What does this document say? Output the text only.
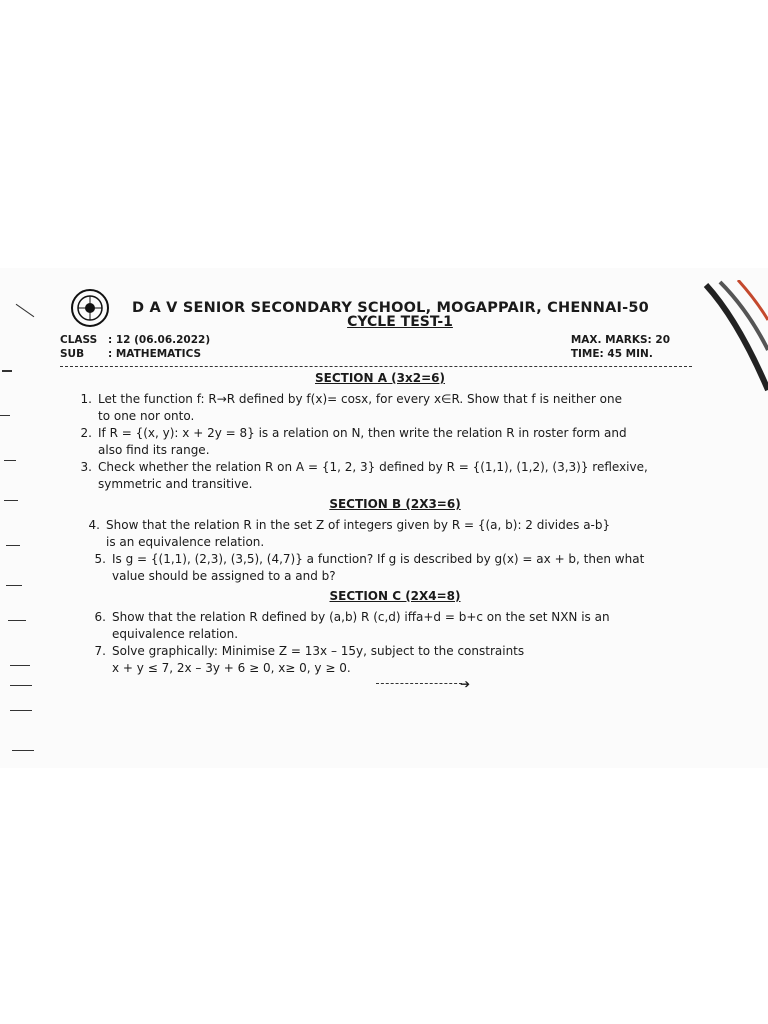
D A V SENIOR SECONDARY SCHOOL, MOGAPPAIR, CHENNAI-50
CYCLE TEST-1
CLASS : 12 (06.06.2022)
SUB : MATHEMATICS
MAX. MARKS: 20
TIME: 45 MIN.
SECTION A (3x2=6)
1. Let the function f: R→R defined by f(x)= cosx, for every x∈R. Show that f is neither one
to one nor onto.
2. If R = {(x, y): x + 2y = 8} is a relation on N, then write the relation R in roster form and
also find its range.
3. Check whether the relation R on A = {1, 2, 3} defined by R = {(1,1), (1,2), (3,3)} reflexive,
symmetric and transitive.
SECTION B (2X3=6)
4. Show that the relation R in the set Z of integers given by R = {(a, b): 2 divides a-b}
is an equivalence relation.
5. Is g = {(1,1), (2,3), (3,5), (4,7)} a function? If g is described by g(x) = ax + b, then what
value should be assigned to a and b?
SECTION C (2X4=8)
6. Show that the relation R defined by (a,b) R (c,d) iffa+d = b+c on the set NXN is an
equivalence relation.
7. Solve graphically: Minimise Z = 13x – 15y, subject to the constraints
x + y ≤ 7, 2x – 3y + 6 ≥ 0, x≥ 0, y ≥ 0.
➔
